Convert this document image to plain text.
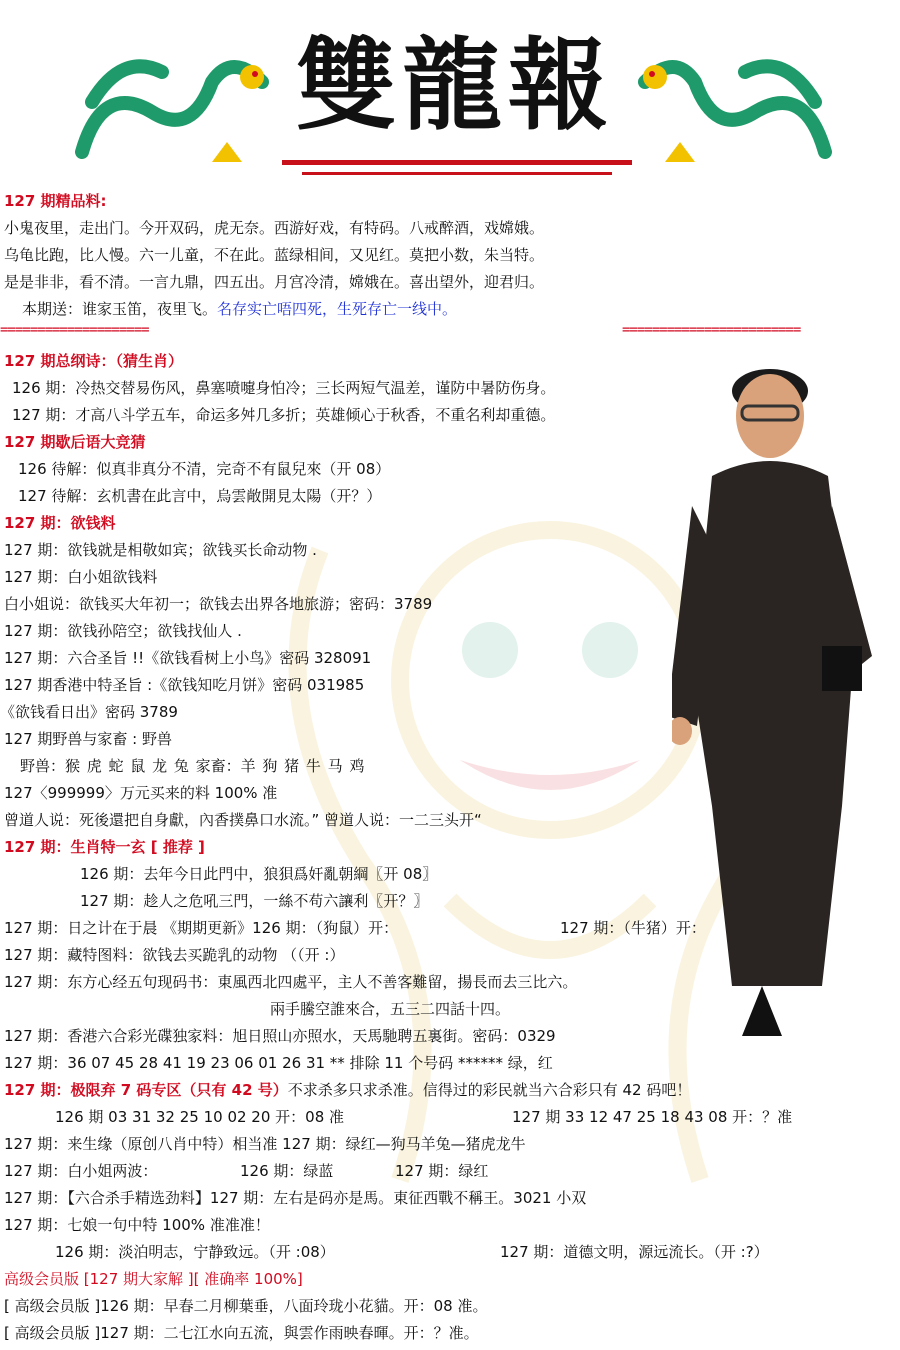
雙龍報
127 期精品料:
小鬼夜里，走出门。今开双码，虎无奈。西游好戏，有特码。八戒醉酒，戏嫦娥。
乌龟比跑，比人慢。六一儿童，不在此。蓝绿相间，又见红。莫把小数，朱当特。
是是非非，看不清。一言九鼎，四五出。月宫冷清，嫦娥在。喜出望外，迎君归。
本期送：谁家玉笛，夜里飞。名存实亡唔四死，生死存亡一线中。
====================	========================
127 期总纲诗：（猜生肖）
126 期：冷热交替易伤风，鼻塞喷嚏身怕冷；三长两短气温差，谨防中暑防伤身。
127 期：才高八斗学五车，命运多舛几多折；英雄倾心于秋香，不重名利却重德。
127 期歇后语大竞猜
126 待解：似真非真分不清，完奇不有鼠兒來（开 08）
127 待解：玄机書在此言中，烏雲敞開見太陽（开？）
127 期：欲钱料
127 期：欲钱就是相敬如宾；欲钱买长命动物 .
127 期：白小姐欲钱料
白小姐说：欲钱买大年初一；欲钱去出界各地旅游；密码：3789
127 期：欲钱孙陪空；欲钱找仙人 .
127 期：六合圣旨 !!《欲钱看树上小鸟》密码 328091
127 期香港中特圣旨 :《欲钱知吃月饼》密码 031985
《欲钱看日出》密码 3789
127 期野兽与家畜 : 野兽
野兽：猴 虎 蛇 鼠 龙 兔 家畜：羊 狗 猪 牛 马 鸡
127〈999999〉万元买来的料 100% 准
曾道人说：死後還把自身獻，內香撲鼻口水流。” 曾道人说：一二三头开“
127 期：生肖特一玄 [ 推荐 ]
126 期：去年今日此門中，狼狽爲奸亂朝綱〖开 08〗
127 期：趁人之危吼三門，一絲不苟六讓利〖开？〗
127 期：日之计在于晨 《期期更新》126 期：（狗鼠）开：	127 期：（牛猪）开：
127 期：藏特图料：欲钱去买跪乳的动物 （（开 :）
127 期：东方心经五句现码书：東風西北四處平，主人不善客難留，揚長而去三比六。
兩手騰空誰來合，五三二四話十四。
127 期：香港六合彩光碟独家料：旭日照山亦照水，天馬馳聘五裏街。密码：0329
127 期：36 07 45 28 41 19 23 06 01 26 31 ** 排除 11 个号码 ****** 绿，红
127 期：极限弃 7 码专区（只有 42 号）不求杀多只求杀准。信得过的彩民就当六合彩只有 42 码吧！
126 期 03 31 32 25 10 02 20 开：08 准	127 期 33 12 47 25 18 43 08 开：？准
127 期：来生缘（原创八肖中特）相当准 127 期：绿红—狗马羊兔—猪虎龙牛
127 期：白小姐两波：	126 期：绿蓝	127 期：绿红
127 期：【六合杀手精选劲料】127 期：左右是码亦是馬。東征西戰不稱王。3021 小双
127 期：七娘一句中特 100% 准准准！
126 期：淡泊明志，宁静致远。（开 :08）	127 期：道德文明，源远流长。（开 :?）
高级会员版 [127 期大家解 ][ 准确率 100%]
[ 高级会员版 ]126 期：早春二月柳葉垂，八面玲珑小花貓。开：08 准。
[ 高级会员版 ]127 期：二七江水向五流，與雲作雨映春暉。开：？准。
